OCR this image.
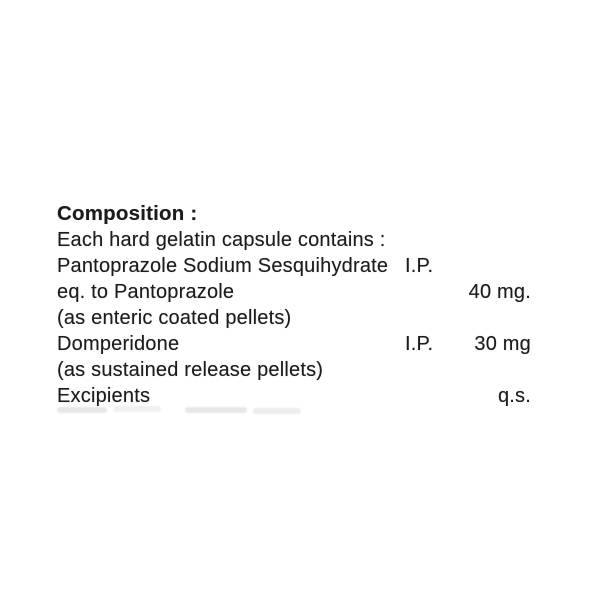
Composition :
Each hard gelatin capsule contains :
Pantoprazole Sodium Sesquihydrate I.P.
eq. to Pantoprazole	40 mg.
(as enteric coated pellets)
Domperidone	I.P.	30 mg
(as sustained release pellets)
Excipients	q.s.
